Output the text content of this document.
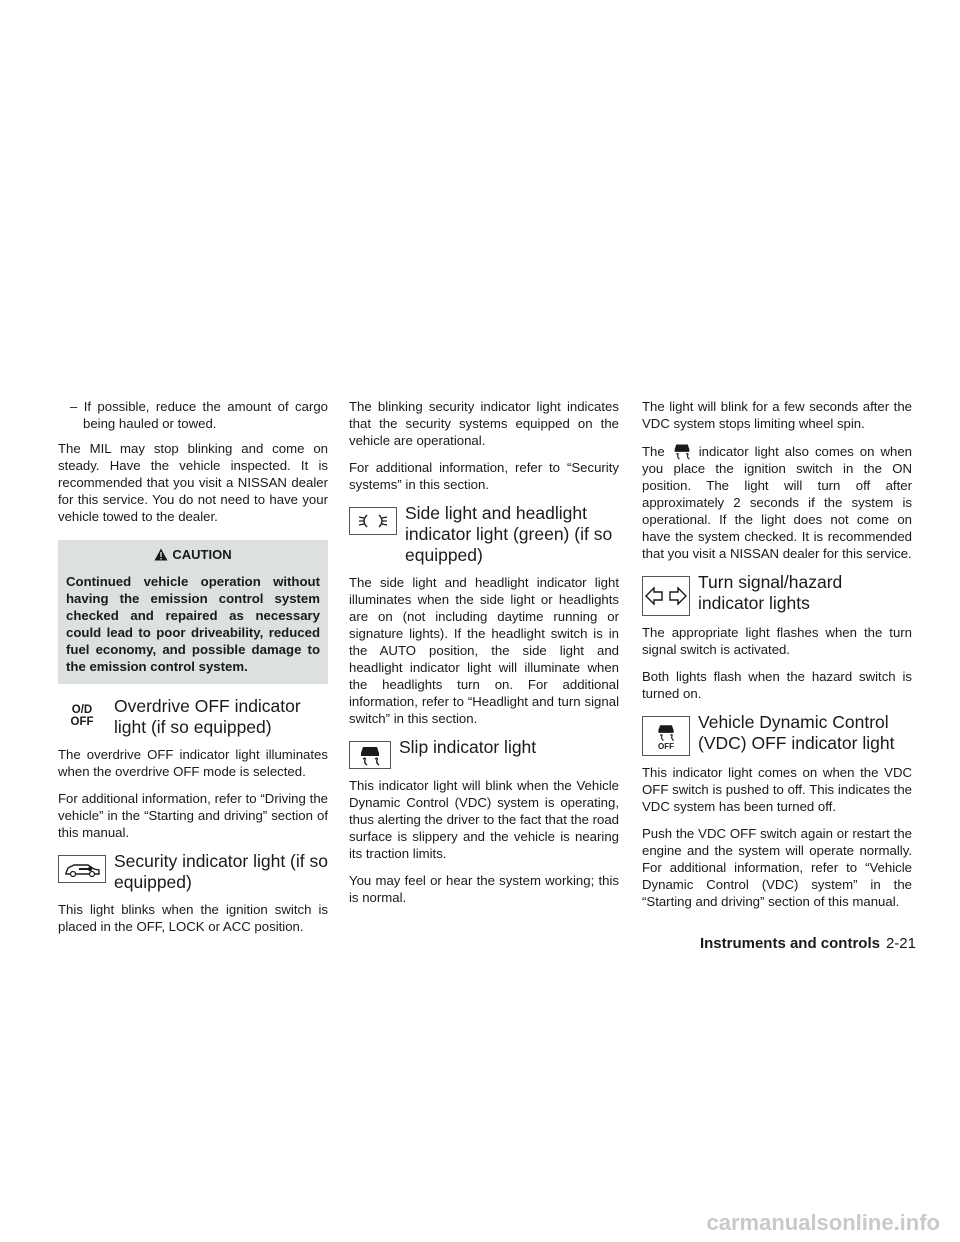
– If possible, reduce the amount of cargo being hauled or towed.

The MIL may stop blinking and come on steady. Have the vehicle inspected. It is recommended that you visit a NISSAN dealer for this service. You do not need to have your vehicle towed to the dealer.

CAUTION
Continued vehicle operation without having the emission control system checked and repaired as necessary could lead to poor driveability, reduced fuel economy, and possible damage to the emission control system.
O/D
OFF
Overdrive OFF indicator light (if so equipped)

The overdrive OFF indicator light illuminates when the overdrive OFF mode is selected.

For additional information, refer to “Driving the vehicle” in the “Starting and driving” section of this manual.

Security indicator light (if so equipped)

This light blinks when the ignition switch is placed in the OFF, LOCK or ACC position.

The blinking security indicator light indicates that the security systems equipped on the vehicle are operational.

For additional information, refer to “Security systems” in this section.

Side light and headlight indicator light (green) (if so equipped)

The side light and headlight indicator light illuminates when the side light or headlights are on (not including daytime running or signature lights). If the headlight switch is in the AUTO position, the side light and headlight indicator light will illuminate when the headlights turn on. For additional information, refer to “Headlight and turn signal switch” in this section.

Slip indicator light

This indicator light will blink when the Vehicle Dynamic Control (VDC) system is operating, thus alerting the driver to the fact that the road surface is slippery and the vehicle is nearing its traction limits.

You may feel or hear the system working; this is normal.

The light will blink for a few seconds after the VDC system stops limiting wheel spin.

The	indicator light also comes on when you place the ignition switch in the ON position. The light will turn off after approximately 2 seconds if the system is operational. If the light does not come on have the system checked. It is recommended that you visit a NISSAN dealer for this service.

Turn signal/hazard indicator lights

The appropriate light flashes when the turn signal switch is activated.

Both lights flash when the hazard switch is turned on.

OFF
Vehicle Dynamic Control (VDC) OFF indicator light

This indicator light comes on when the VDC OFF switch is pushed to off. This indicates the VDC system has been turned off.

Push the VDC OFF switch again or restart the engine and the system will operate normally. For additional information, refer to “Vehicle Dynamic Control (VDC) system” in the “Starting and driving” section of this manual.

Instruments and controls 2-21
carmanualsonline.info
